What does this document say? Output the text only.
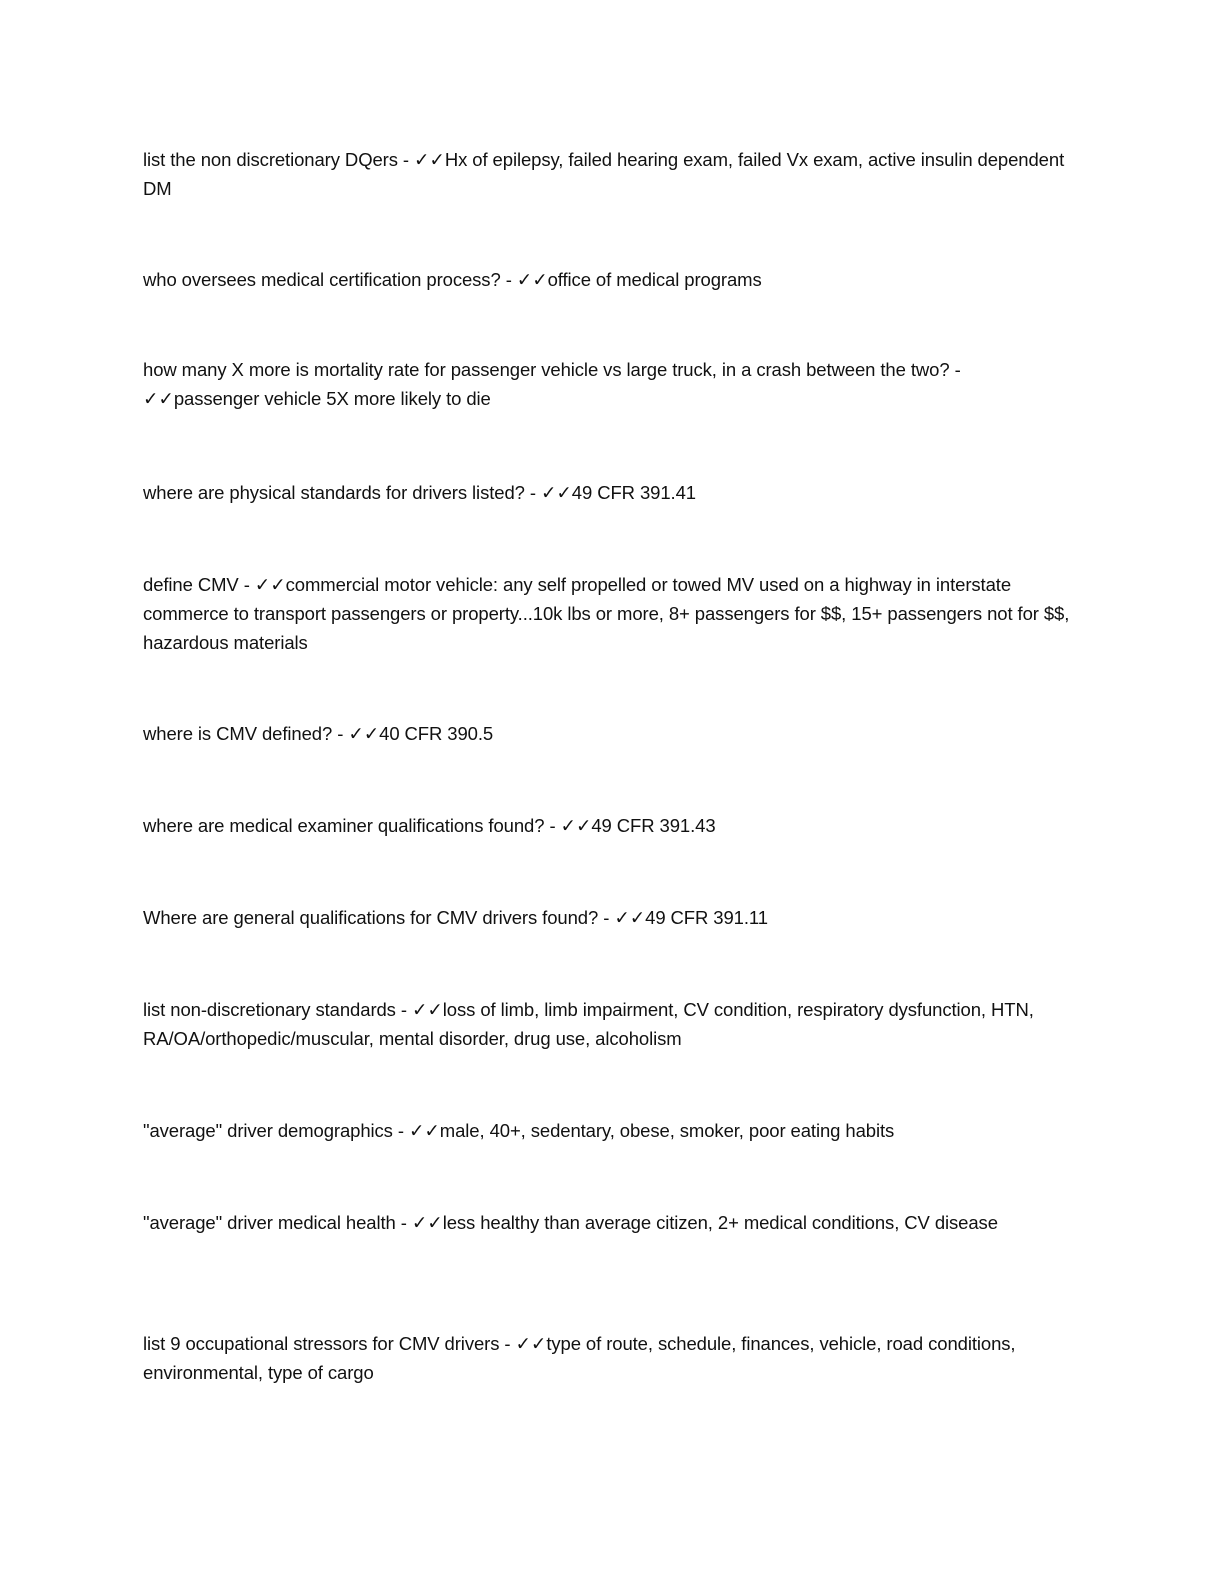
list the non discretionary DQers - ✓✓Hx of epilepsy, failed hearing exam, failed Vx exam, active insulin dependent DM

who oversees medical certification process? - ✓✓office of medical programs

how many X more is mortality rate for passenger vehicle vs large truck, in a crash between the two? - ✓✓passenger vehicle 5X more likely to die

where are physical standards for drivers listed? - ✓✓49 CFR 391.41

define CMV - ✓✓commercial motor vehicle: any self propelled or towed MV used on a highway in interstate commerce to transport passengers or property...10k lbs or more, 8+ passengers for $$, 15+ passengers not for $$, hazardous materials

where is CMV defined? - ✓✓40 CFR 390.5

where are medical examiner qualifications found? - ✓✓49 CFR 391.43

Where are general qualifications for CMV drivers found? - ✓✓49 CFR 391.11

list non-discretionary standards - ✓✓loss of limb, limb impairment, CV condition, respiratory dysfunction, HTN, RA/OA/orthopedic/muscular, mental disorder, drug use, alcoholism

"average" driver demographics - ✓✓male, 40+, sedentary, obese, smoker, poor eating habits

"average" driver medical health - ✓✓less healthy than average citizen, 2+ medical conditions, CV disease

list 9 occupational stressors for CMV drivers - ✓✓type of route, schedule, finances, vehicle, road conditions, environmental, type of cargo
